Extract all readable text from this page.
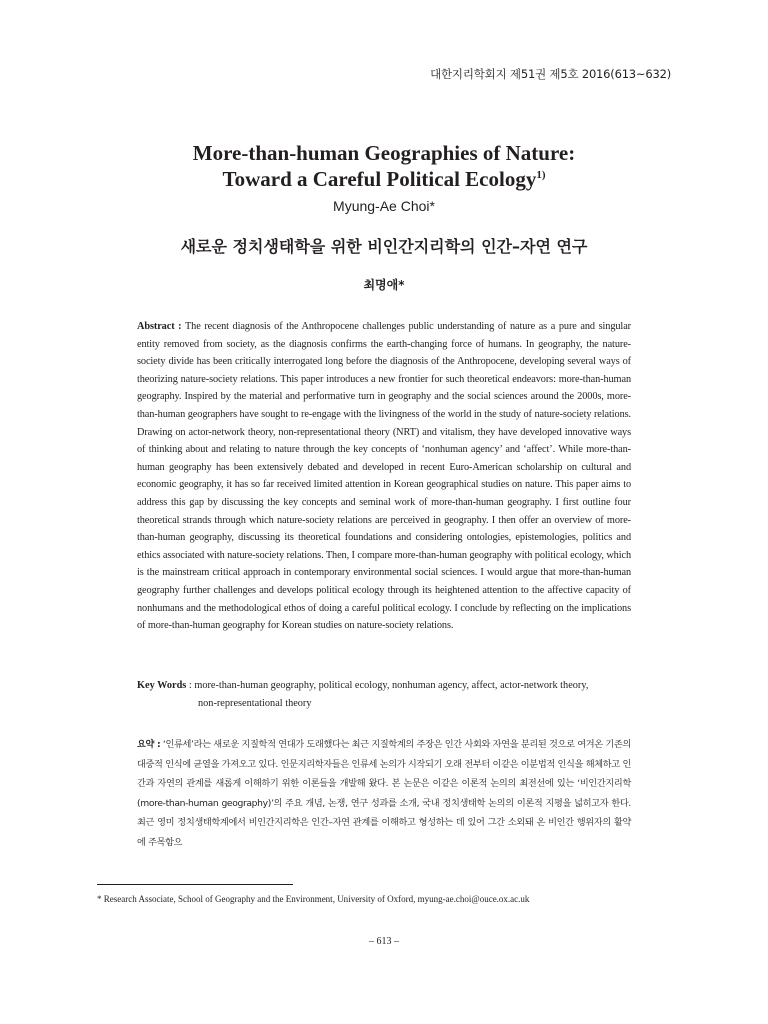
대한지리학회지 제51권 제5호 2016(613~632)
More-than-human Geographies of Nature:
Toward a Careful Political Ecology$^{1)}$
Myung-Ae Choi*
새로운 정치생태학을 위한 비인간지리학의 인간–자연 연구
최명애*
Abstract : The recent diagnosis of the Anthropocene challenges public understanding of nature as a pure and singular entity removed from society, as the diagnosis confirms the earth-changing force of humans. In geography, the nature-society divide has been critically interrogated long before the diagnosis of the Anthropocene, developing several ways of theorizing nature-society relations. This paper introduces a new frontier for such theoretical endeavors: more-than-human geography. Inspired by the material and performative turn in geography and the social sciences around the 2000s, more-than-human geographers have sought to re-engage with the livingness of the world in the study of nature-society relations. Drawing on actor-network theory, non-representational theory (NRT) and vitalism, they have developed innovative ways of thinking about and relating to nature through the key concepts of ‘nonhuman agency’ and ‘affect’. While more-than-human geography has been extensively debated and developed in recent Euro-American scholarship on cultural and economic geography, it has so far received limited attention in Korean geographical studies on nature. This paper aims to address this gap by discussing the key concepts and seminal work of more-than-human geography. I first outline four theoretical strands through which nature-society relations are perceived in geography. I then offer an overview of more-than-human geography, discussing its theoretical foundations and considering ontologies, epistemologies, politics and ethics associated with nature-society relations. Then, I compare more-than-human geography with political ecology, which is the mainstream critical approach in contemporary environmental social sciences. I would argue that more-than-human geography further challenges and develops political ecology through its heightened attention to the affective capacity of nonhumans and the methodological ethos of doing a careful political ecology. I conclude by reflecting on the implications of more-than-human geography for Korean studies on nature-society relations.
Key Words
: more-than-human geography, political ecology, nonhuman agency, affect, actor-network theory,
non-representational theory
요약 : ‘인류세’라는 새로운 지질학적 연대가 도래했다는 최근 지질학계의 주장은 인간 사회와 자연을 분리된 것으로 여겨온 기존의 대중적 인식에 균열을 가져오고 있다. 인문지리학자들은 인류세 논의가 시작되기 오래 전부터 이같은 이분법적 인식을 해체하고 인간과 자연의 관계를 새롭게 이해하기 위한 이론들을 개발해 왔다. 본 논문은 이같은 이론적 논의의 최전선에 있는 ‘비인간지리학(more-than-human geography)’의 주요 개념, 논쟁, 연구 성과를 소개, 국내 정치생태학 논의의 이론적 지평을 넓히고자 한다. 최근 영미 정치생태학계에서 비인간지리학은 인간–자연 관계를 이해하고 형성하는 데 있어 그간 소외돼 온 비인간 행위자의 활약에 주목함으
* Research Associate, School of Geography and the Environment, University of Oxford, myung-ae.choi@ouce.ox.ac.uk
– 613 –
